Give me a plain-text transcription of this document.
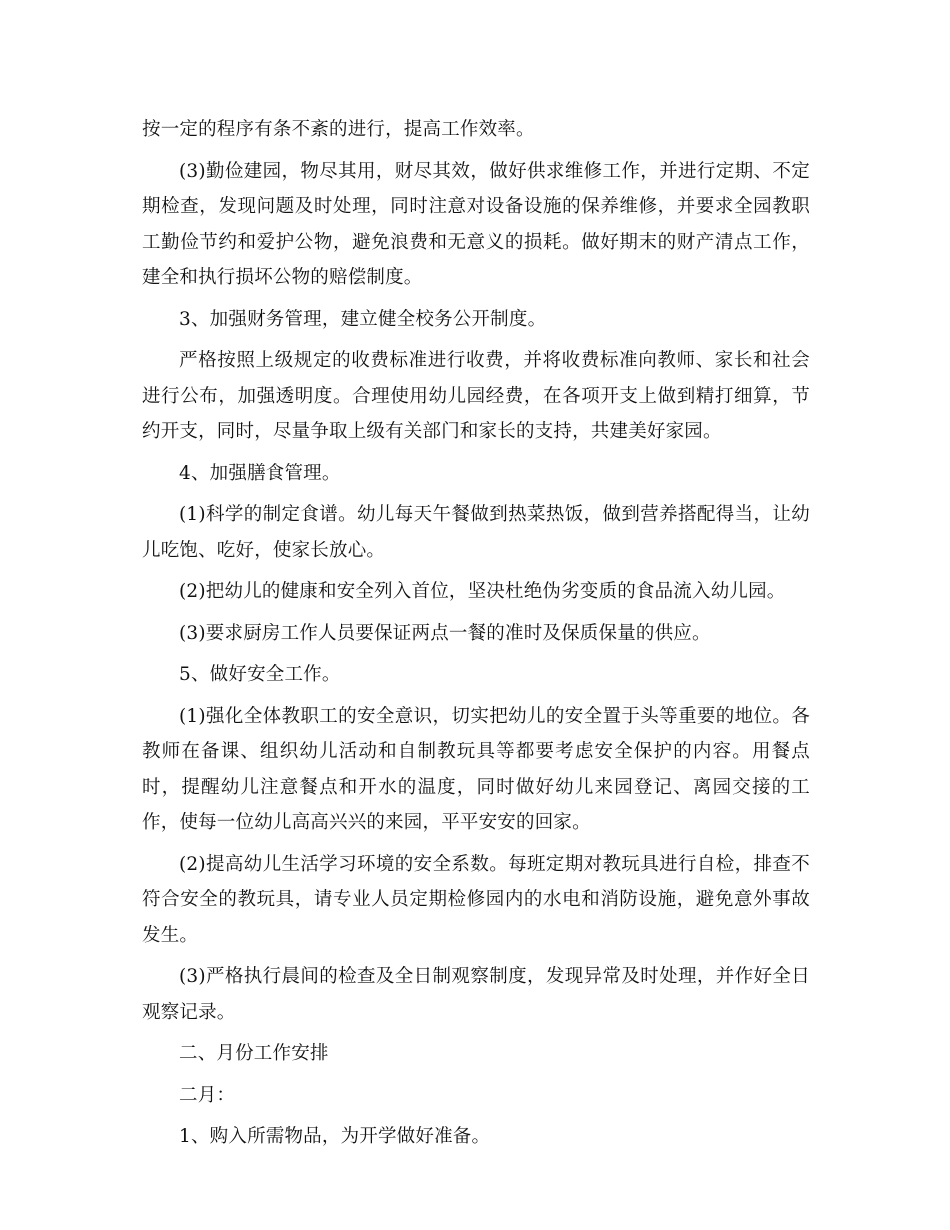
按一定的程序有条不紊的进行，提高工作效率。

(3)勤俭建园，物尽其用，财尽其效，做好供求维修工作，并进行定期、不定期检查，发现问题及时处理，同时注意对设备设施的保养维修，并要求全园教职工勤俭节约和爱护公物，避免浪费和无意义的损耗。做好期末的财产清点工作，建全和执行损坏公物的赔偿制度。

3、加强财务管理，建立健全校务公开制度。

严格按照上级规定的收费标准进行收费，并将收费标准向教师、家长和社会进行公布，加强透明度。合理使用幼儿园经费，在各项开支上做到精打细算，节约开支，同时，尽量争取上级有关部门和家长的支持，共建美好家园。

4、加强膳食管理。

(1)科学的制定食谱。幼儿每天午餐做到热菜热饭，做到营养搭配得当，让幼儿吃饱、吃好，使家长放心。

(2)把幼儿的健康和安全列入首位，坚决杜绝伪劣变质的食品流入幼儿园。

(3)要求厨房工作人员要保证两点一餐的准时及保质保量的供应。

5、做好安全工作。

(1)强化全体教职工的安全意识，切实把幼儿的安全置于头等重要的地位。各教师在备课、组织幼儿活动和自制教玩具等都要考虑安全保护的内容。用餐点时，提醒幼儿注意餐点和开水的温度，同时做好幼儿来园登记、离园交接的工作，使每一位幼儿高高兴兴的来园，平平安安的回家。

(2)提高幼儿生活学习环境的安全系数。每班定期对教玩具进行自检，排查不符合安全的教玩具，请专业人员定期检修园内的水电和消防设施，避免意外事故发生。

(3)严格执行晨间的检查及全日制观察制度，发现异常及时处理，并作好全日观察记录。

二、月份工作安排

二月：

1、购入所需物品，为开学做好准备。
